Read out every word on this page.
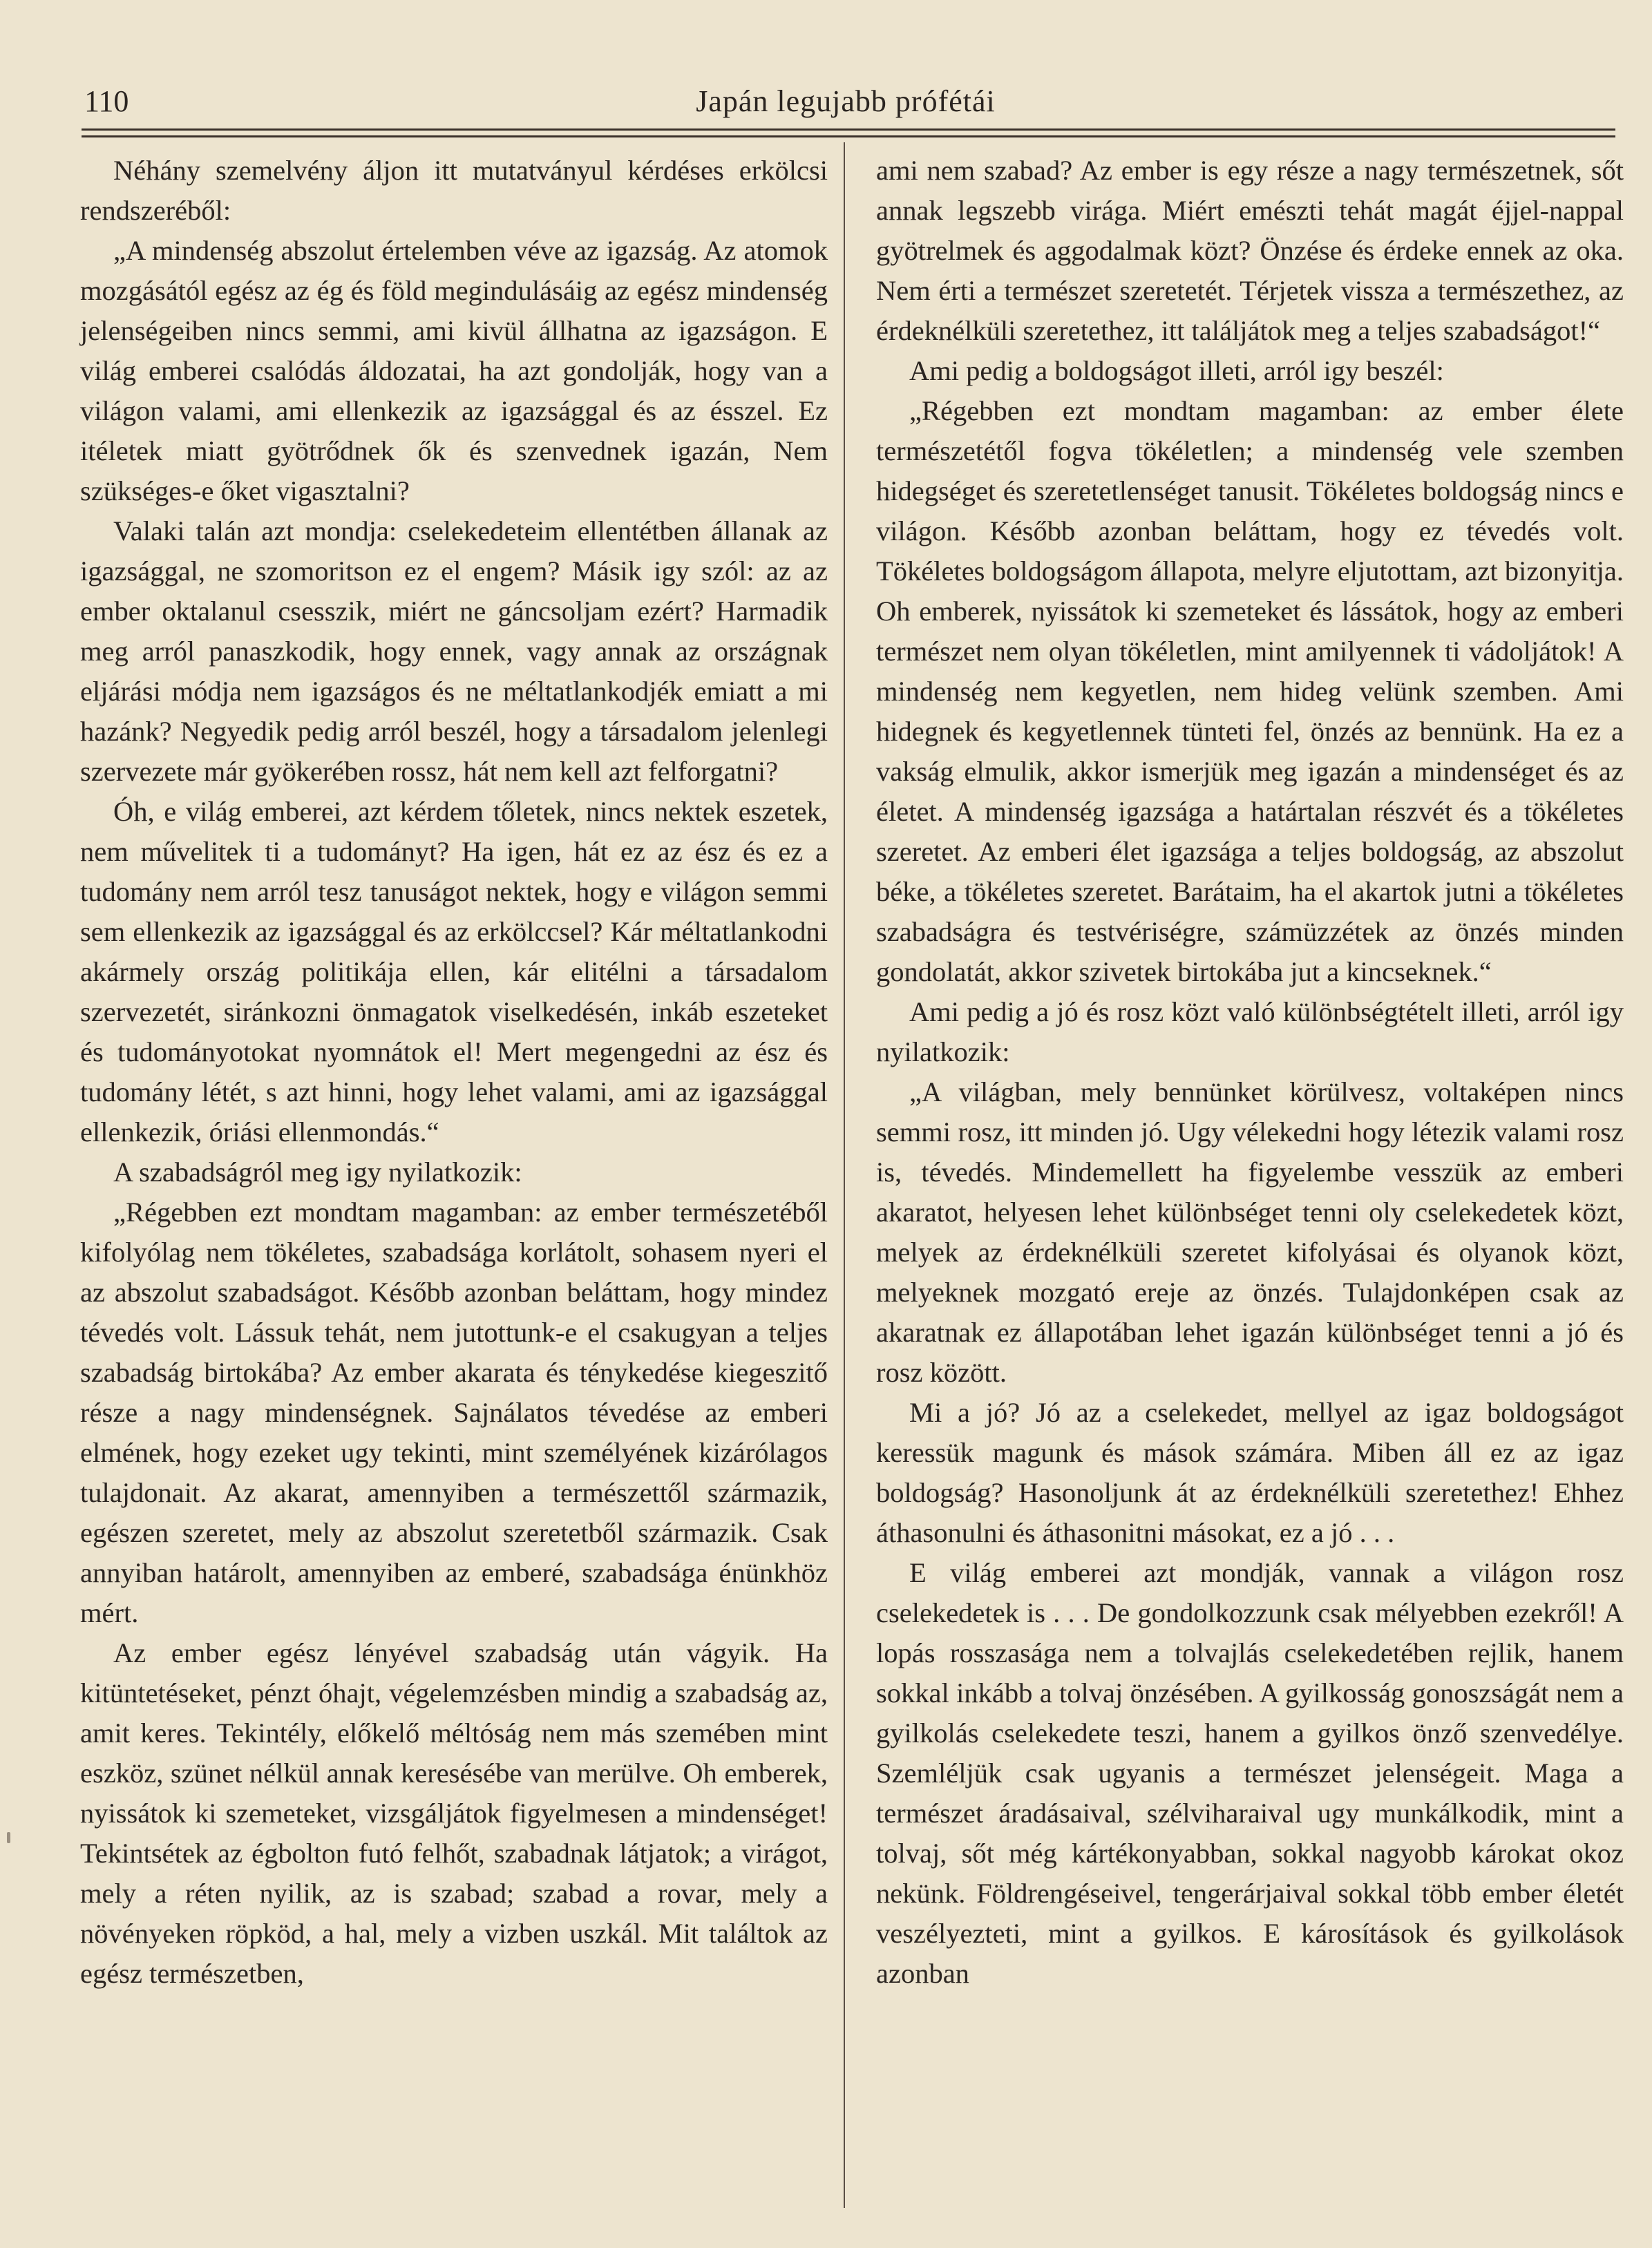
110	Japán legujabb prófétái

Néhány szemelvény áljon itt mutatványul kérdéses erkölcsi rendszeréből:

„A mindenség abszolut értelemben véve az igazság. Az atomok mozgásától egész az ég és föld megindulásáig az egész mindenség jelenségeiben nincs semmi, ami kivül állhatna az igazságon. E világ emberei csalódás áldozatai, ha azt gondolják, hogy van a világon valami, ami ellenkezik az igazsággal és az ésszel. Ez itéletek miatt gyötrődnek ők és szenvednek igazán, Nem szükséges-e őket vigasztalni?

Valaki talán azt mondja: cselekedeteim ellentétben állanak az igazsággal, ne szomoritson ez el engem? Másik igy szól: az az ember oktalanul csesszik, miért ne gáncsoljam ezért? Harmadik meg arról panaszkodik, hogy ennek, vagy annak az országnak eljárási módja nem igazságos és ne méltatlankodjék emiatt a mi hazánk? Negyedik pedig arról beszél, hogy a társadalom jelenlegi szervezete már gyökerében rossz, hát nem kell azt felforgatni?

Óh, e világ emberei, azt kérdem tőletek, nincs nektek eszetek, nem művelitek ti a tudományt? Ha igen, hát ez az ész és ez a tudomány nem arról tesz tanuságot nektek, hogy e világon semmi sem ellenkezik az igazsággal és az erkölccsel? Kár méltatlankodni akármely ország politikája ellen, kár elitélni a társadalom szervezetét, siránkozni önmagatok viselkedésén, inkáb eszeteket és tudományotokat nyomnátok el! Mert megengedni az ész és tudomány létét, s azt hinni, hogy lehet valami, ami az igazsággal ellenkezik, óriási ellenmondás.“

A szabadságról meg igy nyilatkozik:

„Régebben ezt mondtam magamban: az ember természetéből kifolyólag nem tökéletes, szabadsága korlátolt, sohasem nyeri el az abszolut szabadságot. Később azonban beláttam, hogy mindez tévedés volt. Lássuk tehát, nem jutottunk-e el csakugyan a teljes szabadság birtokába? Az ember akarata és ténykedése kiegeszitő része a nagy mindenségnek. Sajnálatos tévedése az emberi elmének, hogy ezeket ugy tekinti, mint személyének kizárólagos tulajdonait. Az akarat, amennyiben a természettől származik, egészen szeretet, mely az abszolut szeretetből származik. Csak annyiban határolt, amennyiben az emberé, szabadsága énünkhöz mért.

Az ember egész lényével szabadság után vágyik. Ha kitüntetéseket, pénzt óhajt, végelemzésben mindig a szabadság az, amit keres. Tekintély, előkelő méltóság nem más szemében mint eszköz, szünet nélkül annak keresésébe van merülve. Oh emberek, nyissátok ki szemeteket, vizsgáljátok figyelmesen a mindenséget! Tekintsétek az égbolton futó felhőt, szabadnak látjatok; a virágot, mely a réten nyilik, az is szabad; szabad a rovar, mely a növényeken röpköd, a hal, mely a vizben uszkál. Mit találtok az egész természetben,

ami nem szabad? Az ember is egy része a nagy természetnek, sőt annak legszebb virága. Miért emészti tehát magát éjjel-nappal gyötrelmek és aggodalmak közt? Önzése és érdeke ennek az oka. Nem érti a természet szeretetét. Térjetek vissza a természethez, az érdeknélküli szeretethez, itt találjátok meg a teljes szabadságot!“

Ami pedig a boldogságot illeti, arról igy beszél:

„Régebben ezt mondtam magamban: az ember élete természetétől fogva tökéletlen; a mindenség vele szemben hidegséget és szeretetlenséget tanusit. Tökéletes boldogság nincs e világon. Később azonban beláttam, hogy ez tévedés volt. Tökéletes boldogságom állapota, melyre eljutottam, azt bizonyitja. Oh emberek, nyissátok ki szemeteket és lássátok, hogy az emberi természet nem olyan tökéletlen, mint amilyennek ti vádoljátok! A mindenség nem kegyetlen, nem hideg velünk szemben. Ami hidegnek és kegyetlennek tünteti fel, önzés az bennünk. Ha ez a vakság elmulik, akkor ismerjük meg igazán a mindenséget és az életet. A mindenség igazsága a határtalan részvét és a tökéletes szeretet. Az emberi élet igazsága a teljes boldogság, az abszolut béke, a tökéletes szeretet. Barátaim, ha el akartok jutni a tökéletes szabadságra és testvériségre, számüzzétek az önzés minden gondolatát, akkor szivetek birtokába jut a kincseknek.“

Ami pedig a jó és rosz közt való különbségtételt illeti, arról igy nyilatkozik:

„A világban, mely bennünket körülvesz, voltaképen nincs semmi rosz, itt minden jó. Ugy vélekedni hogy létezik valami rosz is, tévedés. Mindemellett ha figyelembe vesszük az emberi akaratot, helyesen lehet különbséget tenni oly cselekedetek közt, melyek az érdeknélküli szeretet kifolyásai és olyanok közt, melyeknek mozgató ereje az önzés. Tulajdonképen csak az akaratnak ez állapotában lehet igazán különbséget tenni a jó és rosz között.

Mi a jó? Jó az a cselekedet, mellyel az igaz boldogságot keressük magunk és mások számára. Miben áll ez az igaz boldogság? Hasonoljunk át az érdeknélküli szeretethez! Ehhez áthasonulni és áthasonitni másokat, ez a jó . . .

E világ emberei azt mondják, vannak a világon rosz cselekedetek is . . . De gondolkozzunk csak mélyebben ezekről! A lopás rosszasága nem a tolvajlás cselekedetében rejlik, hanem sokkal inkább a tolvaj önzésében. A gyilkosság gonoszságát nem a gyilkolás cselekedete teszi, hanem a gyilkos önző szenvedélye. Szemléljük csak ugyanis a természet jelenségeit. Maga a természet áradásaival, szélviharaival ugy munkálkodik, mint a tolvaj, sőt még kártékonyabban, sokkal nagyobb károkat okoz nekünk. Földrengéseivel, tengerárjaival sokkal több ember életét veszélyezteti, mint a gyilkos. E károsítások és gyilkolások azonban
